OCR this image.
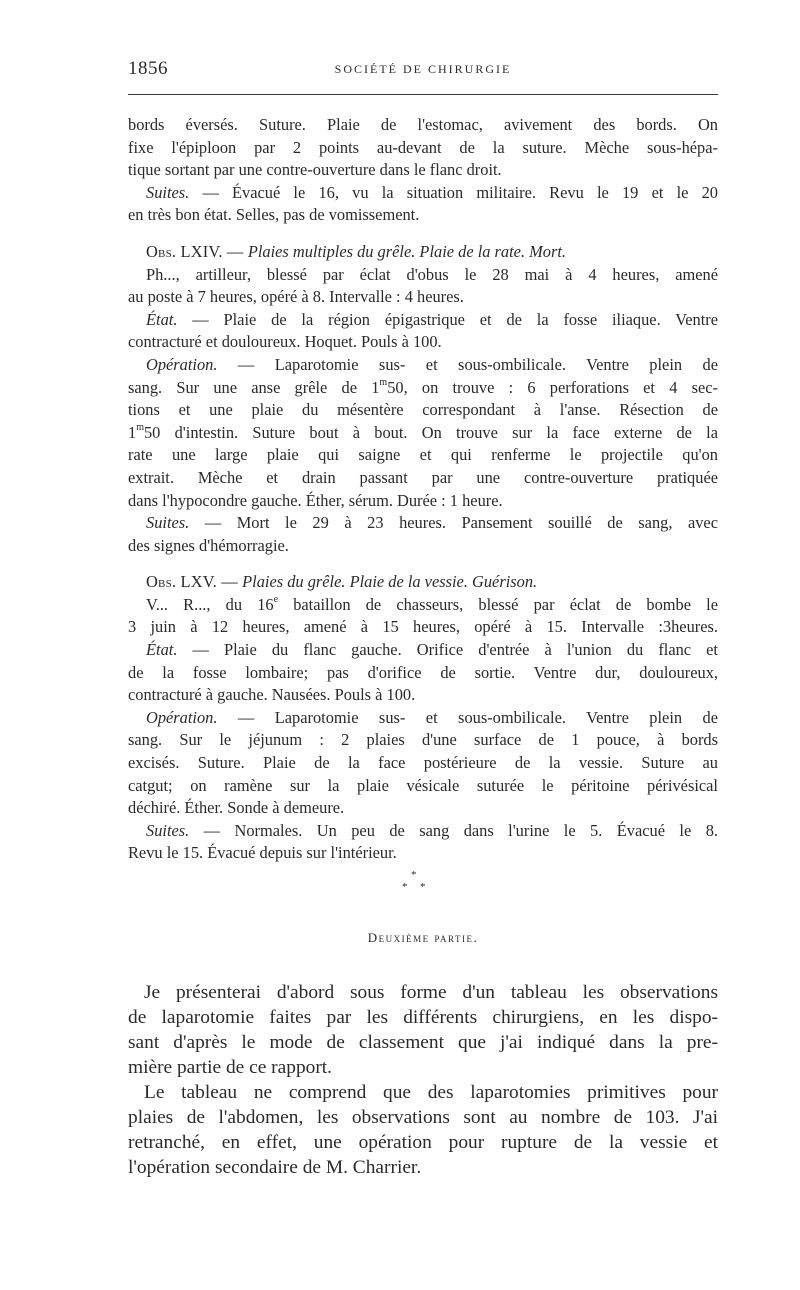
1856	SOCIÉTÉ DE CHIRURGIE

bords éversés. Suture. Plaie de l'estomac, avivement des bords. On

fixe l'épiploon par 2 points au-devant de la suture. Mèche sous-hépa-

tique sortant par une contre-ouverture dans le flanc droit.

Suites. — Évacué le 16, vu la situation militaire. Revu le 19 et le 20

en très bon état. Selles, pas de vomissement.

Obs. LXIV. — Plaies multiples du grêle. Plaie de la rate. Mort.

Ph..., artilleur, blessé par éclat d'obus le 28 mai à 4 heures, amené

au poste à 7 heures, opéré à 8. Intervalle : 4 heures.

État. — Plaie de la région épigastrique et de la fosse iliaque. Ventre

contracturé et douloureux. Hoquet. Pouls à 100.

Opération. — Laparotomie sus- et sous-ombilicale. Ventre plein de

sang. Sur une anse grêle de 1$^m$50, on trouve : 6 perforations et 4 sec-

tions et une plaie du mésentère correspondant à l'anse. Résection de

1$^m$50 d'intestin. Suture bout à bout. On trouve sur la face externe de la

rate une large plaie qui saigne et qui renferme le projectile qu'on

extrait. Mèche et drain passant par une contre-ouverture pratiquée

dans l'hypocondre gauche. Éther, sérum. Durée : 1 heure.

Suites. — Mort le 29 à 23 heures. Pansement souillé de sang, avec

des signes d'hémorragie.

Obs. LXV. — Plaies du grêle. Plaie de la vessie. Guérison.

V... R..., du 16e bataillon de chasseurs, blessé par éclat de bombe le

3 juin à 12 heures, amené à 15 heures, opéré à 15. Intervalle :3heures.

État. — Plaie du flanc gauche. Orifice d'entrée à l'union du flanc et

de la fosse lombaire; pas d'orifice de sortie. Ventre dur, douloureux,

contracturé à gauche. Nausées. Pouls à 100.

Opération. — Laparotomie sus- et sous-ombilicale. Ventre plein de

sang. Sur le jéjunum : 2 plaies d'une surface de 1 pouce, à bords

excisés. Suture. Plaie de la face postérieure de la vessie. Suture au

catgut; on ramène sur la plaie vésicale suturée le péritoine périvésical

déchiré. Éther. Sonde à demeure.

Suites. — Normales. Un peu de sang dans l'urine le 5. Évacué le 8.

Revu le 15. Évacué depuis sur l'intérieur.

*
* *
Deuxième partie.

Je présenterai d'abord sous forme d'un tableau les observations

de laparotomie faites par les différents chirurgiens, en les dispo-

sant d'après le mode de classement que j'ai indiqué dans la pre-

mière partie de ce rapport.

Le tableau ne comprend que des laparotomies primitives pour

plaies de l'abdomen, les observations sont au nombre de 103. J'ai

retranché, en effet, une opération pour rupture de la vessie et

l'opération secondaire de M. Charrier.
